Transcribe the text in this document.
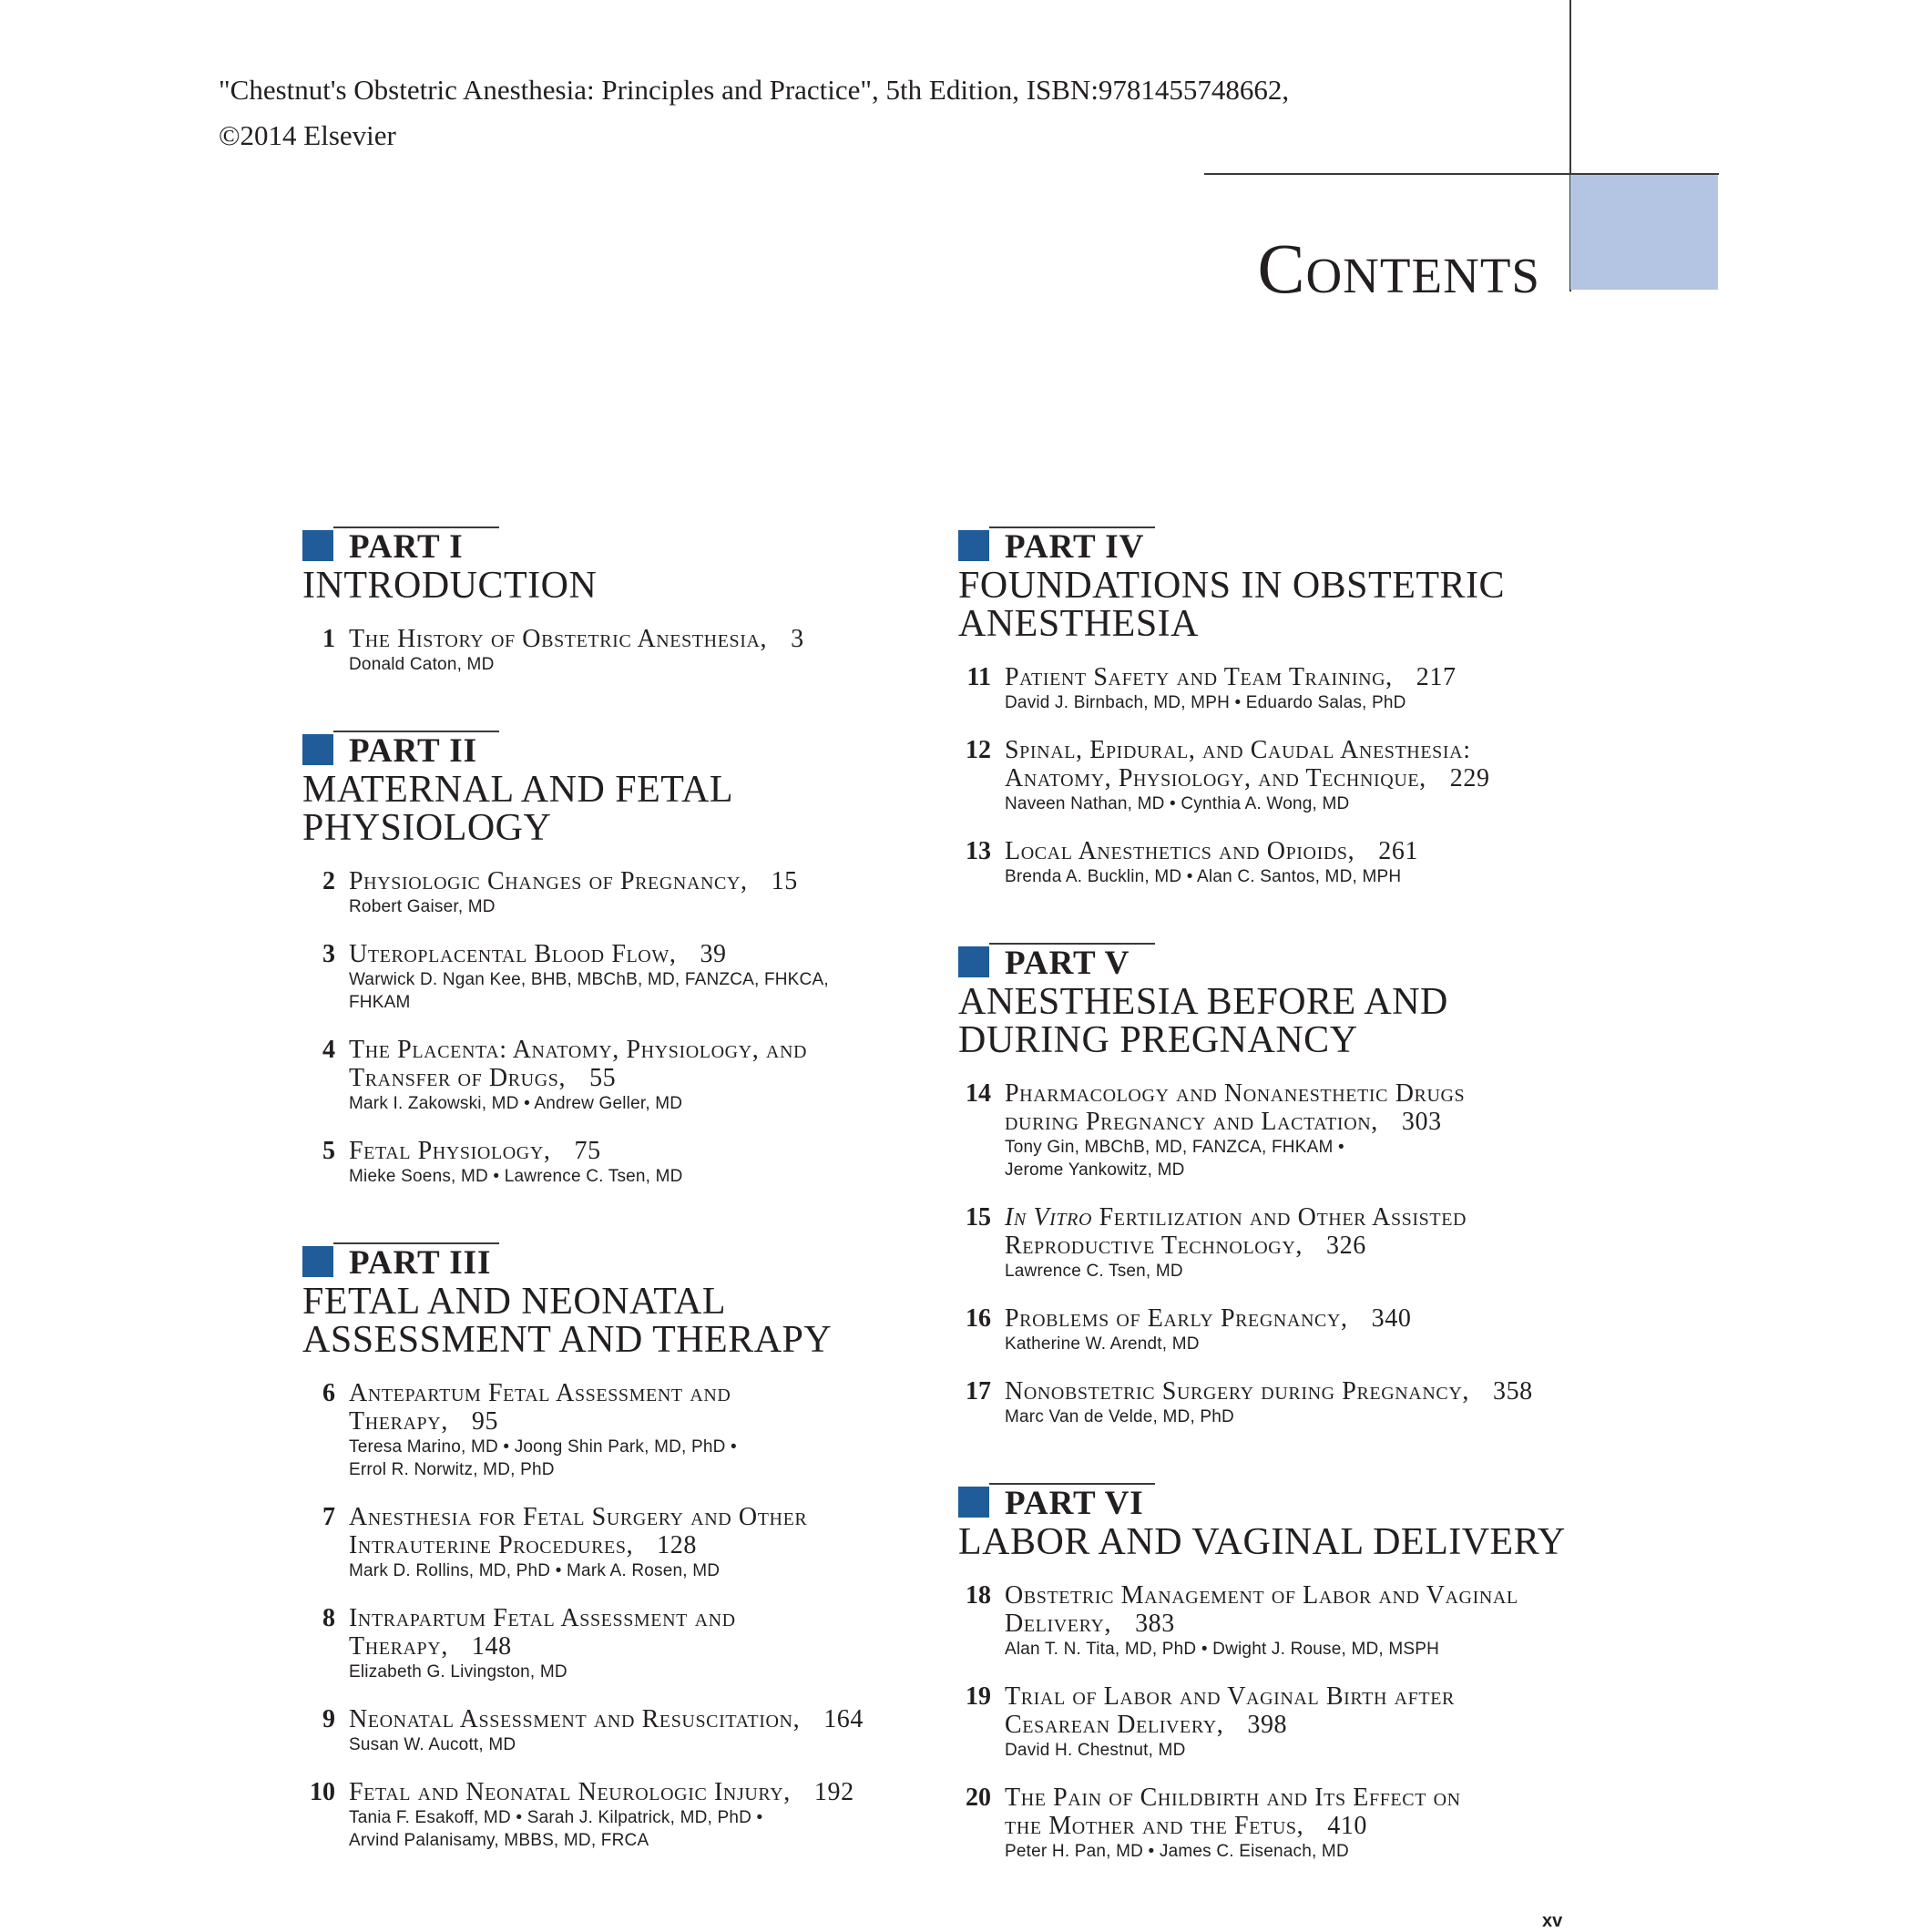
"Chestnut's Obstetric Anesthesia: Principles and Practice", 5th Edition, ISBN:9781455748662,
©2014 Elsevier
Contents
PART I
INTRODUCTION
1 The History of Obstetric Anesthesia, 3
Donald Caton, MD
PART II
MATERNAL AND FETAL
PHYSIOLOGY
2 Physiologic Changes of Pregnancy, 15
Robert Gaiser, MD
3 Uteroplacental Blood Flow, 39
Warwick D. Ngan Kee, BHB, MBChB, MD, FANZCA, FHKCA,
FHKAM
4 The Placenta: Anatomy, Physiology, and
Transfer of Drugs, 55
Mark I. Zakowski, MD • Andrew Geller, MD
5 Fetal Physiology, 75
Mieke Soens, MD • Lawrence C. Tsen, MD
PART III
FETAL AND NEONATAL
ASSESSMENT AND THERAPY
6 Antepartum Fetal Assessment and
Therapy, 95
Teresa Marino, MD • Joong Shin Park, MD, PhD •
Errol R. Norwitz, MD, PhD
7 Anesthesia for Fetal Surgery and Other
Intrauterine Procedures, 128
Mark D. Rollins, MD, PhD • Mark A. Rosen, MD
8 Intrapartum Fetal Assessment and
Therapy, 148
Elizabeth G. Livingston, MD
9 Neonatal Assessment and Resuscitation, 164
Susan W. Aucott, MD
10 Fetal and Neonatal Neurologic Injury, 192
Tania F. Esakoff, MD • Sarah J. Kilpatrick, MD, PhD •
Arvind Palanisamy, MBBS, MD, FRCA
PART IV
FOUNDATIONS IN OBSTETRIC
ANESTHESIA
11 Patient Safety and Team Training, 217
David J. Birnbach, MD, MPH • Eduardo Salas, PhD
12 Spinal, Epidural, and Caudal Anesthesia:
Anatomy, Physiology, and Technique, 229
Naveen Nathan, MD • Cynthia A. Wong, MD
13 Local Anesthetics and Opioids, 261
Brenda A. Bucklin, MD • Alan C. Santos, MD, MPH
PART V
ANESTHESIA BEFORE AND
DURING PREGNANCY
14 Pharmacology and Nonanesthetic Drugs
during Pregnancy and Lactation, 303
Tony Gin, MBChB, MD, FANZCA, FHKAM •
Jerome Yankowitz, MD
15 In Vitro Fertilization and Other Assisted
Reproductive Technology, 326
Lawrence C. Tsen, MD
16 Problems of Early Pregnancy, 340
Katherine W. Arendt, MD
17 Nonobstetric Surgery during Pregnancy, 358
Marc Van de Velde, MD, PhD
PART VI
LABOR AND VAGINAL DELIVERY
18 Obstetric Management of Labor and Vaginal
Delivery, 383
Alan T. N. Tita, MD, PhD • Dwight J. Rouse, MD, MSPH
19 Trial of Labor and Vaginal Birth after
Cesarean Delivery, 398
David H. Chestnut, MD
20 The Pain of Childbirth and Its Effect on
the Mother and the Fetus, 410
Peter H. Pan, MD • James C. Eisenach, MD
xv
